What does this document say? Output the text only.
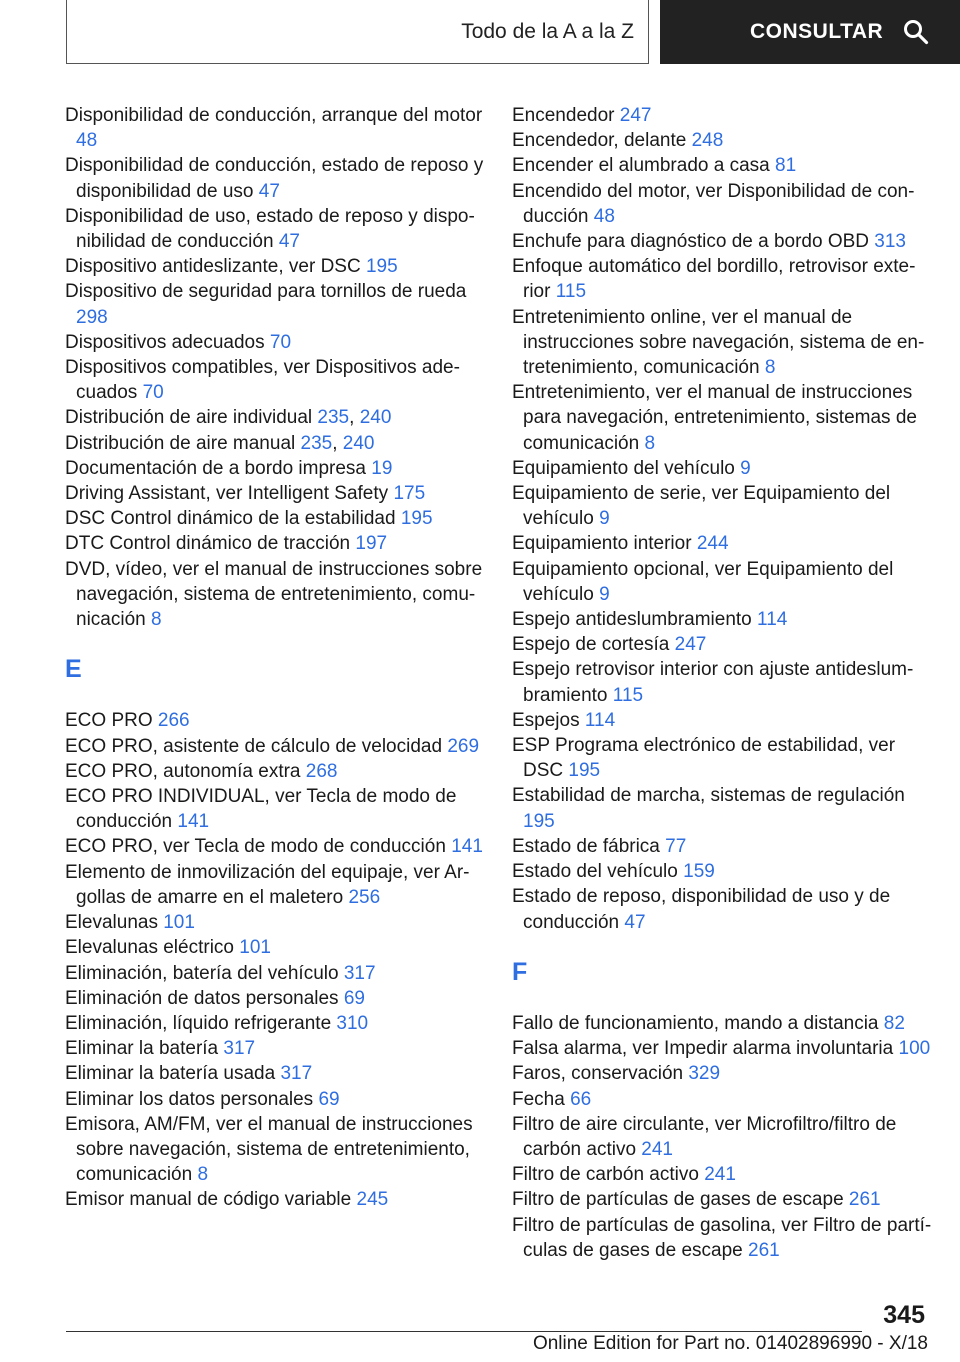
Todo de la A a la Z	CONSULTAR
Disponibilidad de conducción, arranque del motor 48
Disponibilidad de conducción, estado de reposo y disponibilidad de uso 47
Disponibilidad de uso, estado de reposo y disponibilidad de conducción 47
Dispositivo antideslizante, ver DSC 195
Dispositivo de seguridad para tornillos de rueda 298
Dispositivos adecuados 70
Dispositivos compatibles, ver Dispositivos adecuados 70
Distribución de aire individual 235, 240
Distribución de aire manual 235, 240
Documentación de a bordo impresa 19
Driving Assistant, ver Intelligent Safety 175
DSC Control dinámico de la estabilidad 195
DTC Control dinámico de tracción 197
DVD, vídeo, ver el manual de instrucciones sobre navegación, sistema de entretenimiento, comunicación 8
E
ECO PRO 266
ECO PRO, asistente de cálculo de velocidad 269
ECO PRO, autonomía extra 268
ECO PRO INDIVIDUAL, ver Tecla de modo de conducción 141
ECO PRO, ver Tecla de modo de conducción 141
Elemento de inmovilización del equipaje, ver Argollas de amarre en el maletero 256
Elevalunas 101
Elevalunas eléctrico 101
Eliminación, batería del vehículo 317
Eliminación de datos personales 69
Eliminación, líquido refrigerante 310
Eliminar la batería 317
Eliminar la batería usada 317
Eliminar los datos personales 69
Emisora, AM/FM, ver el manual de instrucciones sobre navegación, sistema de entretenimiento, comunicación 8
Emisor manual de código variable 245
Encendedor 247
Encendedor, delante 248
Encender el alumbrado a casa 81
Encendido del motor, ver Disponibilidad de conducción 48
Enchufe para diagnóstico de a bordo OBD 313
Enfoque automático del bordillo, retrovisor exterior 115
Entretenimiento online, ver el manual de instrucciones sobre navegación, sistema de entretenimiento, comunicación 8
Entretenimiento, ver el manual de instrucciones para navegación, entretenimiento, sistemas de comunicación 8
Equipamiento del vehículo 9
Equipamiento de serie, ver Equipamiento del vehículo 9
Equipamiento interior 244
Equipamiento opcional, ver Equipamiento del vehículo 9
Espejo antideslumbramiento 114
Espejo de cortesía 247
Espejo retrovisor interior con ajuste antideslumbramiento 115
Espejos 114
ESP Programa electrónico de estabilidad, ver DSC 195
Estabilidad de marcha, sistemas de regulación 195
Estado de fábrica 77
Estado del vehículo 159
Estado de reposo, disponibilidad de uso y de conducción 47
F
Fallo de funcionamiento, mando a distancia 82
Falsa alarma, ver Impedir alarma involuntaria 100
Faros, conservación 329
Fecha 66
Filtro de aire circulante, ver Microfiltro/filtro de carbón activo 241
Filtro de carbón activo 241
Filtro de partículas de gases de escape 261
Filtro de partículas de gasolina, ver Filtro de partículas de gases de escape 261
345
Online Edition for Part no. 01402896990 - X/18
